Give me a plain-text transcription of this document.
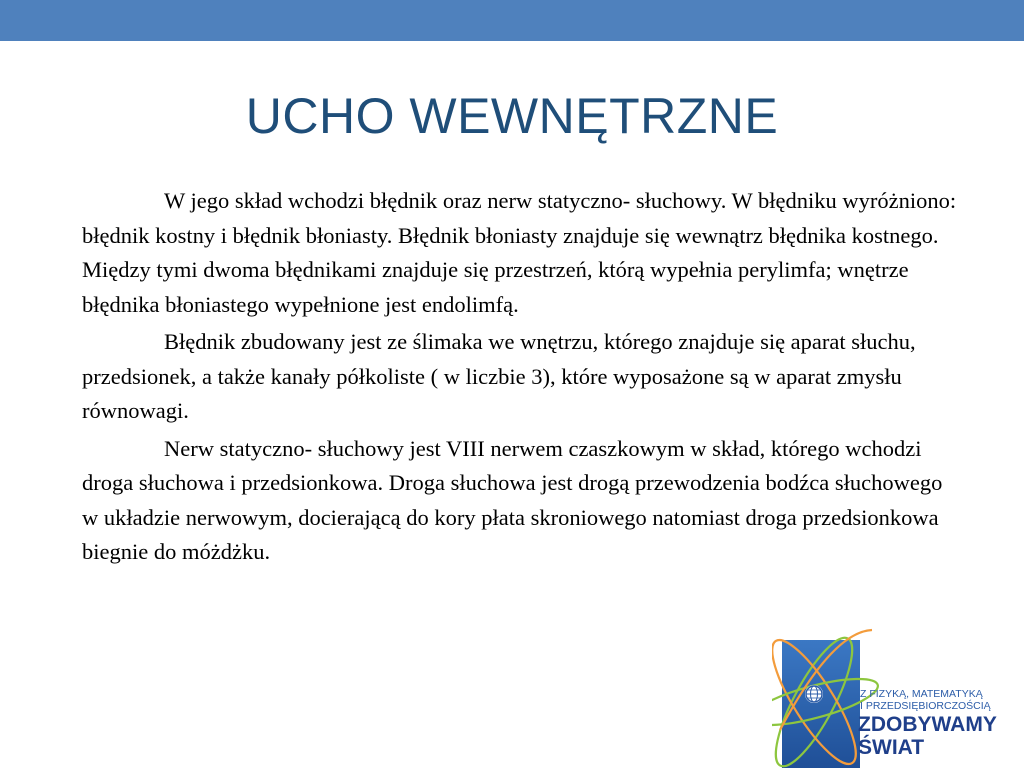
UCHO WEWNĘTRZNE

W jego skład wchodzi błędnik oraz nerw statyczno- słuchowy. W błędniku wyróżniono: błędnik kostny i błędnik błoniasty. Błędnik błoniasty znajduje się wewnątrz błędnika kostnego. Między tymi dwoma błędnikami znajduje się przestrzeń, którą wypełnia perylimfa; wnętrze błędnika błoniastego wypełnione jest endolimfą.

Błędnik zbudowany jest ze ślimaka we wnętrzu, którego znajduje się aparat słuchu, przedsionek, a także kanały półkoliste ( w liczbie 3), które wyposażone są w aparat zmysłu równowagi.

Nerw statyczno- słuchowy jest VIII nerwem czaszkowym w skład, którego wchodzi droga słuchowa i przedsionkowa. Droga słuchowa jest drogą przewodzenia bodźca słuchowego w układzie nerwowym, docierającą do kory płata skroniowego natomiast droga przedsionkowa biegnie do móżdżku.

Z FIZYKĄ, MATEMATYKĄ
I PRZEDSIĘBIORCZOŚCIĄ
ZDOBYWAMY
ŚWIAT
